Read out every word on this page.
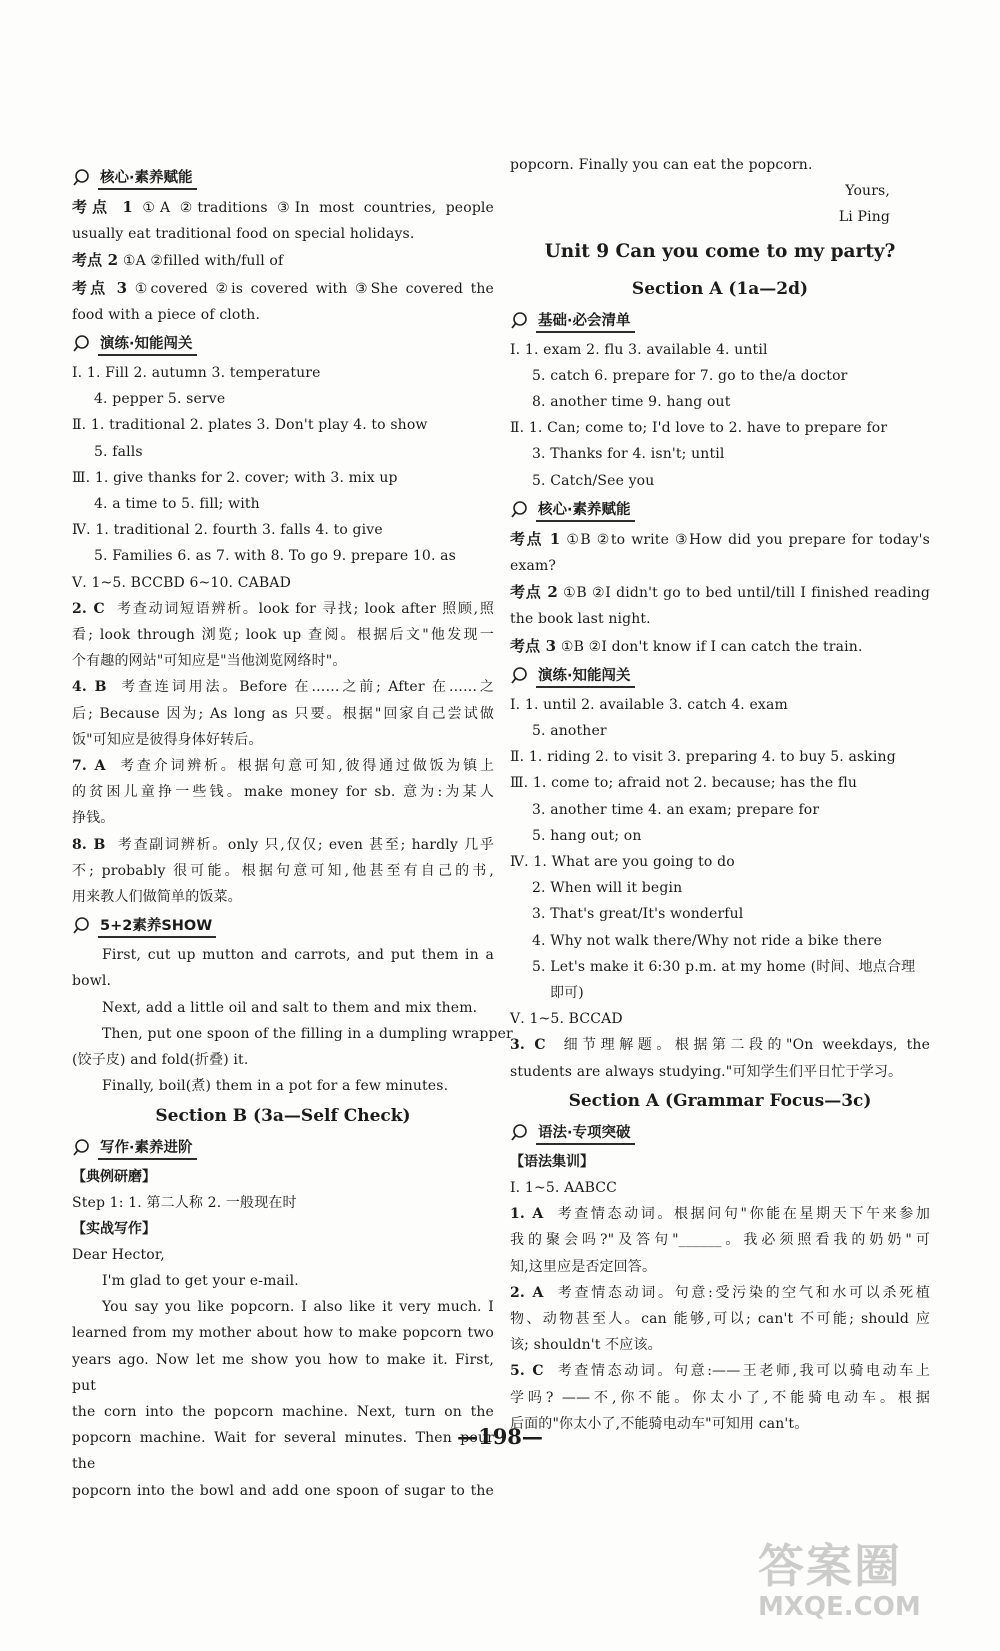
核心·素养赋能
考点 1 ①A ②traditions ③In most countries, people
usually eat traditional food on special holidays.
考点 2 ①A ②filled with/full of
考点 3 ①covered ②is covered with ③She covered the
food with a piece of cloth.
演练·知能闯关
Ⅰ. 1. Fill 2. autumn 3. temperature
4. pepper 5. serve
Ⅱ. 1. traditional 2. plates 3. Don't play 4. to show
5. falls
Ⅲ. 1. give thanks for 2. cover; with 3. mix up
4. a time to 5. fill; with
Ⅳ. 1. traditional 2. fourth 3. falls 4. to give
5. Families 6. as 7. with 8. To go 9. prepare 10. as
Ⅴ. 1~5. BCCBD 6~10. CABAD
2. C 考查动词短语辨析。look for 寻找; look after 照顾,照
看; look through 浏览; look up 查阅。根据后文"他发现一
个有趣的网站"可知应是"当他浏览网络时"。
4. B 考查连词用法。Before 在……之前; After 在……之
后; Because 因为; As long as 只要。根据"回家自己尝试做
饭"可知应是彼得身体好转后。
7. A 考查介词辨析。根据句意可知,彼得通过做饭为镇上
的贫困儿童挣一些钱。make money for sb. 意为:为某人
挣钱。
8. B 考查副词辨析。only 只,仅仅; even 甚至; hardly 几乎
不; probably 很可能。根据句意可知,他甚至有自己的书,
用来教人们做简单的饭菜。
5+2素养SHOW
First, cut up mutton and carrots, and put them in a
bowl.
Next, add a little oil and salt to them and mix them.
Then, put one spoon of the filling in a dumpling wrapper
(饺子皮) and fold(折叠) it.
Finally, boil(煮) them in a pot for a few minutes.
Section B (3a—Self Check)
写作·素养进阶
【典例研磨】
Step 1: 1. 第二人称 2. 一般现在时
【实战写作】
Dear Hector,
I'm glad to get your e-mail.
You say you like popcorn. I also like it very much. I
learned from my mother about how to make popcorn two
years ago. Now let me show you how to make it. First, put
the corn into the popcorn machine. Next, turn on the
popcorn machine. Wait for several minutes. Then pour the
popcorn into the bowl and add one spoon of sugar to the
popcorn. Finally you can eat the popcorn.
Yours,
Li Ping
Unit 9 Can you come to my party?
Section A (1a—2d)
基础·必会清单
Ⅰ. 1. exam 2. flu 3. available 4. until
5. catch 6. prepare for 7. go to the/a doctor
8. another time 9. hang out
Ⅱ. 1. Can; come to; I'd love to 2. have to prepare for
3. Thanks for 4. isn't; until
5. Catch/See you
核心·素养赋能
考点 1 ①B ②to write ③How did you prepare for today's
exam?
考点 2 ①B ②I didn't go to bed until/till I finished reading
the book last night.
考点 3 ①B ②I don't know if I can catch the train.
演练·知能闯关
Ⅰ. 1. until 2. available 3. catch 4. exam
5. another
Ⅱ. 1. riding 2. to visit 3. preparing 4. to buy 5. asking
Ⅲ. 1. come to; afraid not 2. because; has the flu
3. another time 4. an exam; prepare for
5. hang out; on
Ⅳ. 1. What are you going to do
2. When will it begin
3. That's great/It's wonderful
4. Why not walk there/Why not ride a bike there
5. Let's make it 6:30 p.m. at my home (时间、地点合理
即可)
Ⅴ. 1~5. BCCAD
3. C 细节理解题。根据第二段的"On weekdays, the
students are always studying."可知学生们平日忙于学习。
Section A (Grammar Focus—3c)
语法·专项突破
【语法集训】
Ⅰ. 1~5. AABCC
1. A 考查情态动词。根据问句"你能在星期天下午来参加
我的聚会吗?"及答句"______。我必须照看我的奶奶"可
知,这里应是否定回答。
2. A 考查情态动词。句意:受污染的空气和水可以杀死植
物、动物甚至人。can 能够,可以; can't 不可能; should 应
该; shouldn't 不应该。
5. C 考查情态动词。句意:——王老师,我可以骑电动车上
学吗? ——不,你不能。你太小了,不能骑电动车。根据
后面的"你太小了,不能骑电动车"可知用 can't。
—198—
答案圈
MXQE.COM
